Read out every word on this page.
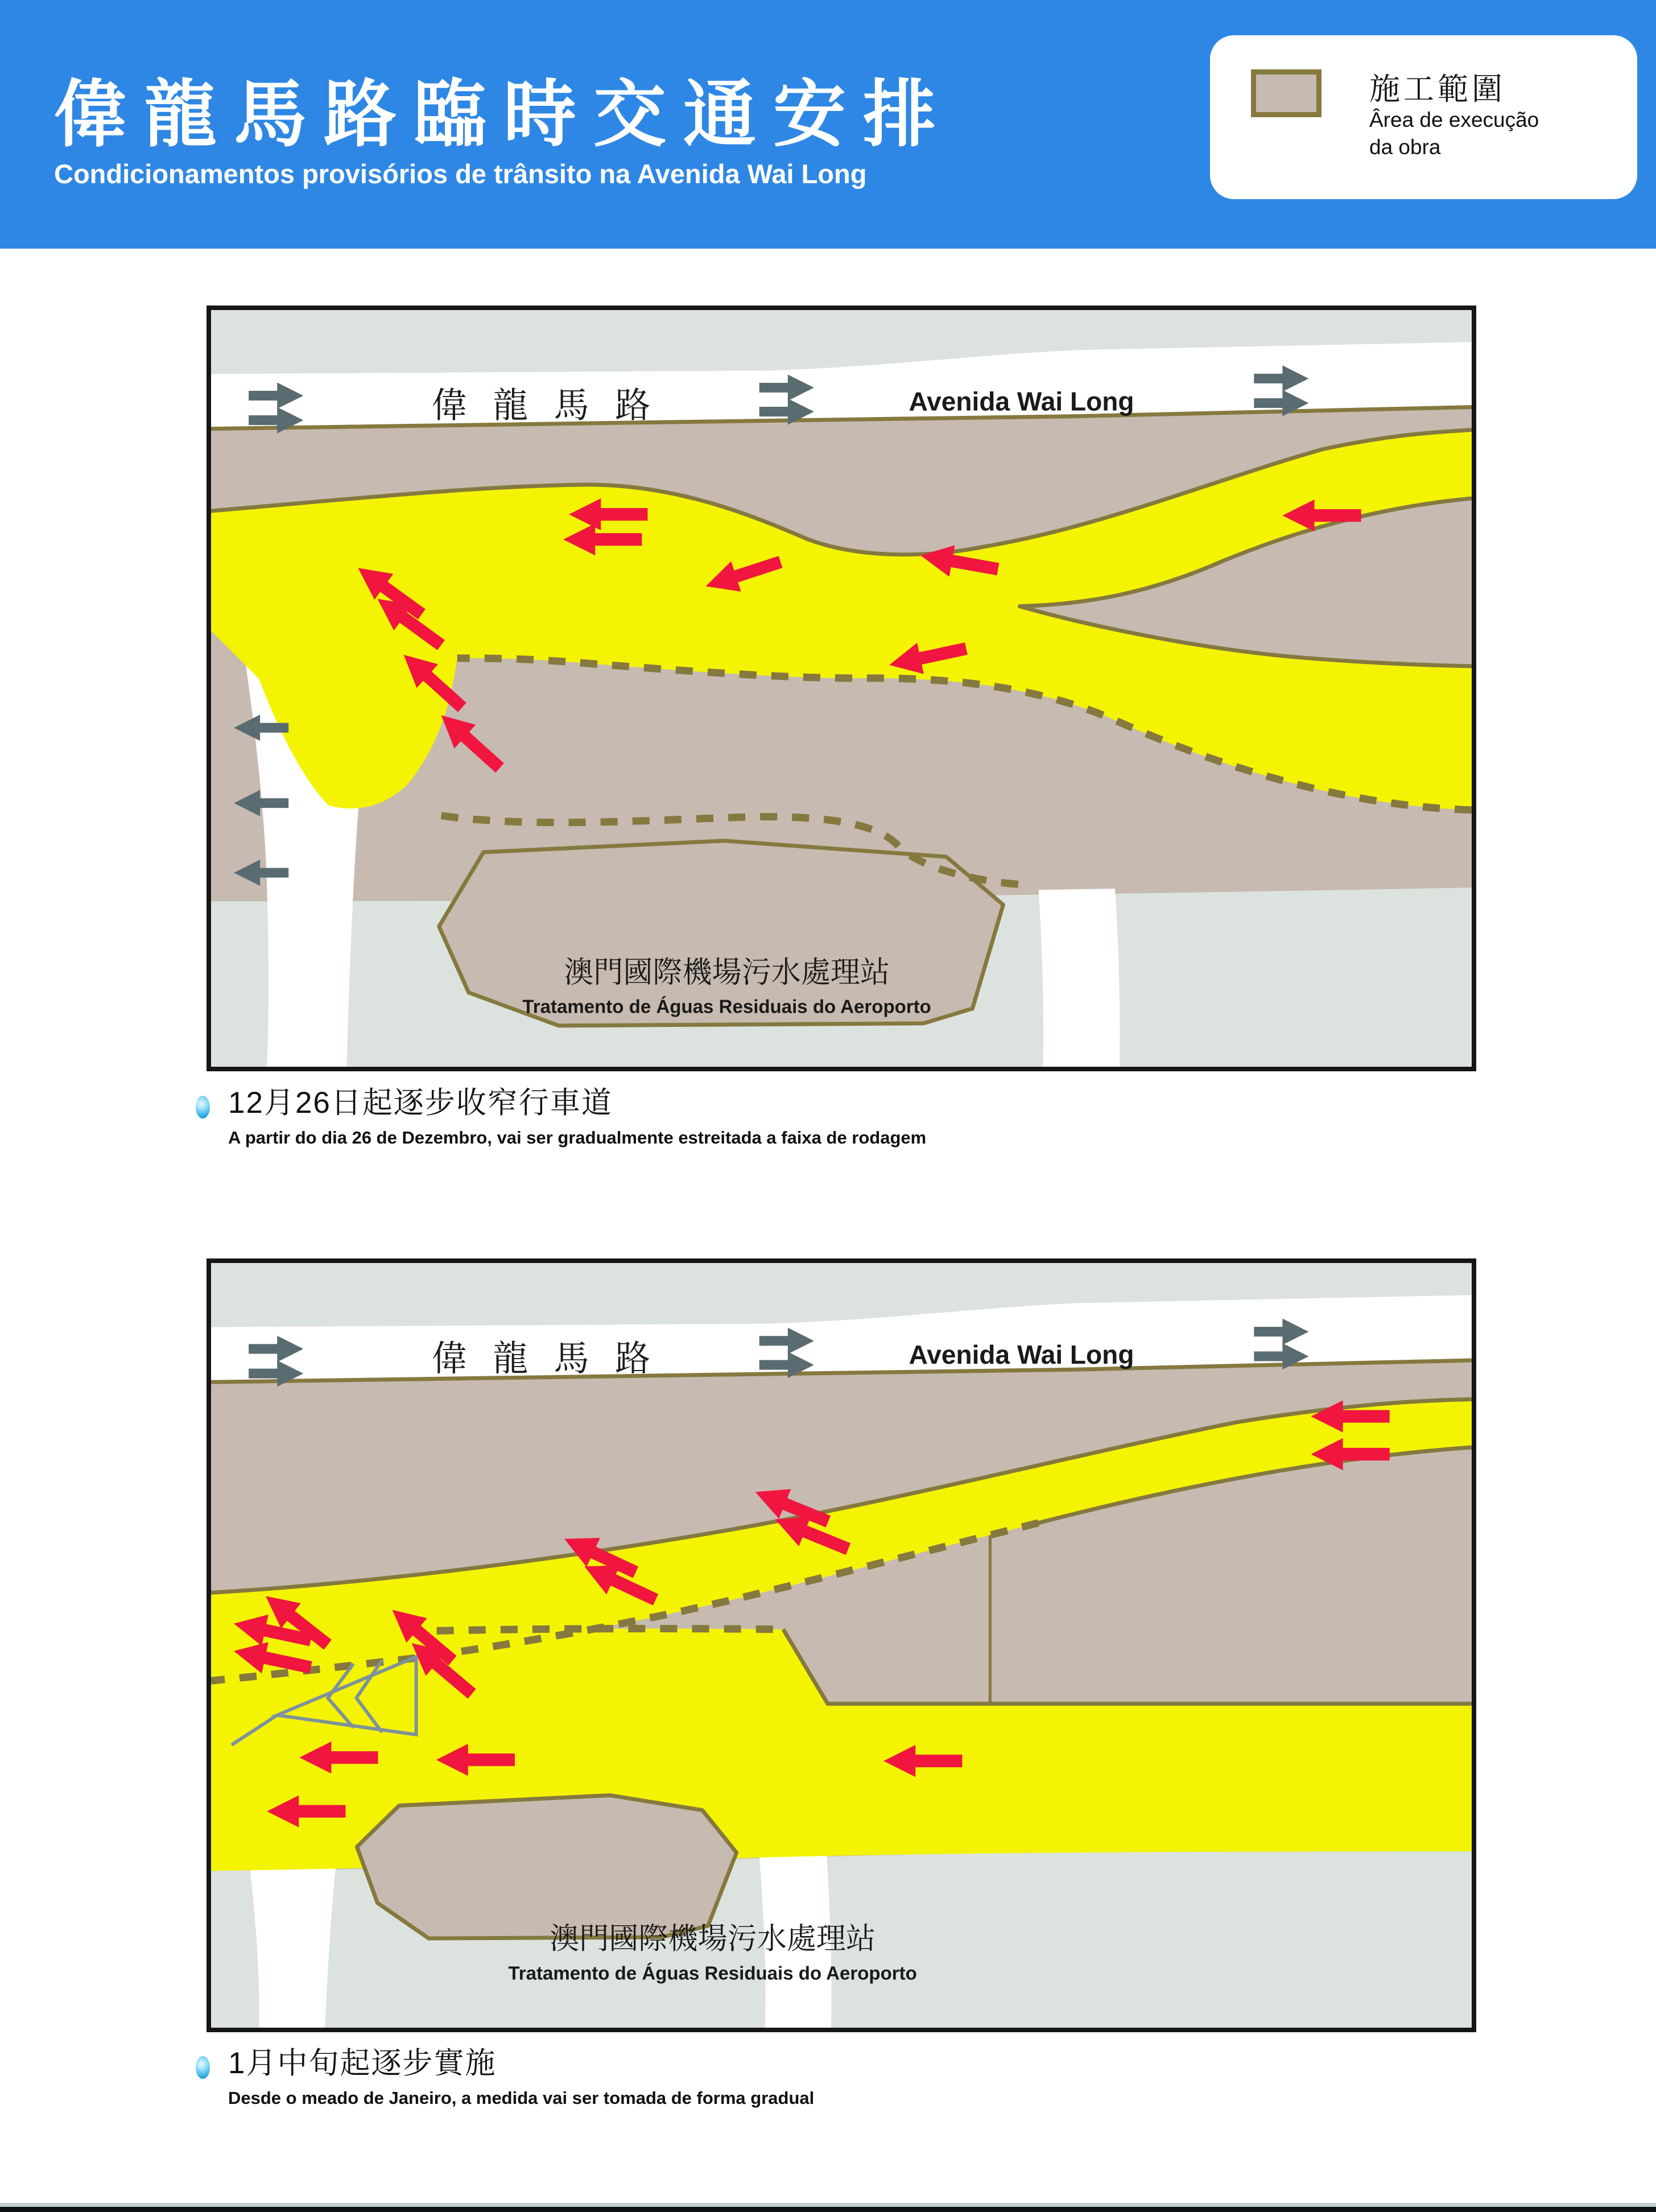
偉龍馬路臨時交通安排
Condicionamentos provisórios de trânsito na Avenida Wai Long
施工範圍
Ârea de execução
da obra
偉 龍 馬 路	Avenida Wai Long
澳門國際機場污水處理站
Tratamento de Águas Residuais do Aeroporto
12月26日起逐步收窄行車道
A partir do dia 26 de Dezembro, vai ser gradualmente estreitada a faixa de rodagem
偉 龍 馬 路	Avenida Wai Long
澳門國際機場污水處理站
Tratamento de Águas Residuais do Aeroporto
1月中旬起逐步實施
Desde o meado de Janeiro, a medida vai ser tomada de forma gradual
